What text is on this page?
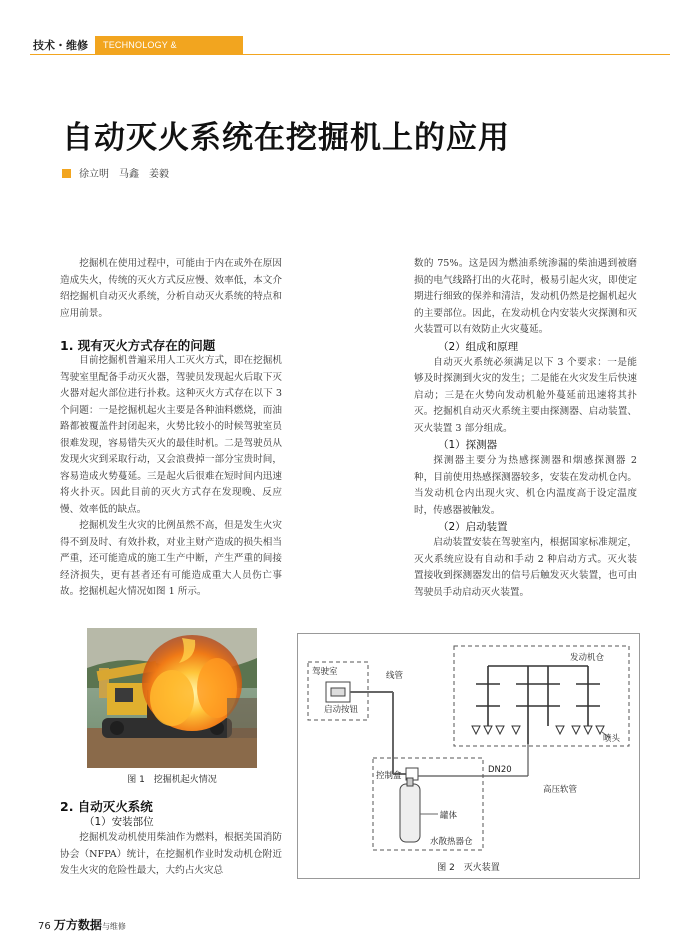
技术・维修	TECHNOLOGY & MAINTENANCE
自动灭火系统在挖掘机上的应用
徐立明　马鑫　姜毅

挖掘机在使用过程中，可能由于内在或外在原因造成失火，传统的灭火方式反应慢、效率低，本文介绍挖掘机自动灭火系统，分析自动灭火系统的特点和应用前景。

1. 现有灭火方式存在的问题

目前挖掘机普遍采用人工灭火方式，即在挖掘机驾驶室里配备手动灭火器，驾驶员发现起火后取下灭火器对起火部位进行扑救。这种灭火方式存在以下 3 个问题：一是挖掘机起火主要是各种油料燃烧，而油路都被覆盖件封闭起来，火势比较小的时候驾驶室员很难发现，容易错失灭火的最佳时机。二是驾驶员从发现火灾到采取行动，又会浪费掉一部分宝贵时间，容易造成火势蔓延。三是起火后很难在短时间内迅速将火扑灭。因此目前的灭火方式存在发现晚、反应慢、效率低的缺点。

挖掘机发生火灾的比例虽然不高，但是发生火灾得不到及时、有效扑救，对业主财产造成的损失相当严重，还可能造成的施工生产中断，产生严重的间接经济损失，更有甚者还有可能造成重大人员伤亡事故。挖掘机起火情况如图 1 所示。

图 1　挖掘机起火情况
2. 自动灭火系统
（1）安装部位

挖掘机发动机使用柴油作为燃料，根据美国消防协会（NFPA）统计，在挖掘机作业时发动机仓附近发生火灾的危险性最大，大约占火灾总

数的 75%。这是因为燃油系统渗漏的柴油遇到被磨损的电气线路打出的火花时，极易引起火灾，即使定期进行细致的保养和清洁，发动机仍然是挖掘机起火的主要部位。因此，在发动机仓内安装火灾探测和灭火装置可以有效防止火灾蔓延。

（2）组成和原理

自动灭火系统必须满足以下 3 个要求：一是能够及时探测到火灾的发生；二是能在火灾发生后快速启动；三是在火势向发动机舱外蔓延前迅速将其扑灭。挖掘机自动灭火系统主要由探测器、启动装置、灭火装置 3 部分组成。

（1）探测器

探测器主要分为热感探测器和烟感探测器 2 种，目前使用热感探测器较多，安装在发动机仓内。当发动机仓内出现火灾、机仓内温度高于设定温度时，传感器被触发。

（2）启动装置

启动装置安装在驾驶室内，根据国家标准规定，灭火系统应设有自动和手动 2 种启动方式。灭火装置接收到探测器发出的信号后触发灭火装置，也可由驾驶员手动启动灭火装置。

驾驶室
启动按钮
线管
控制盒
罐体
水散热器仓
DN20
高压软管
发动机仓
喷头
图 2　灭火装置
76 万方数据与维修
